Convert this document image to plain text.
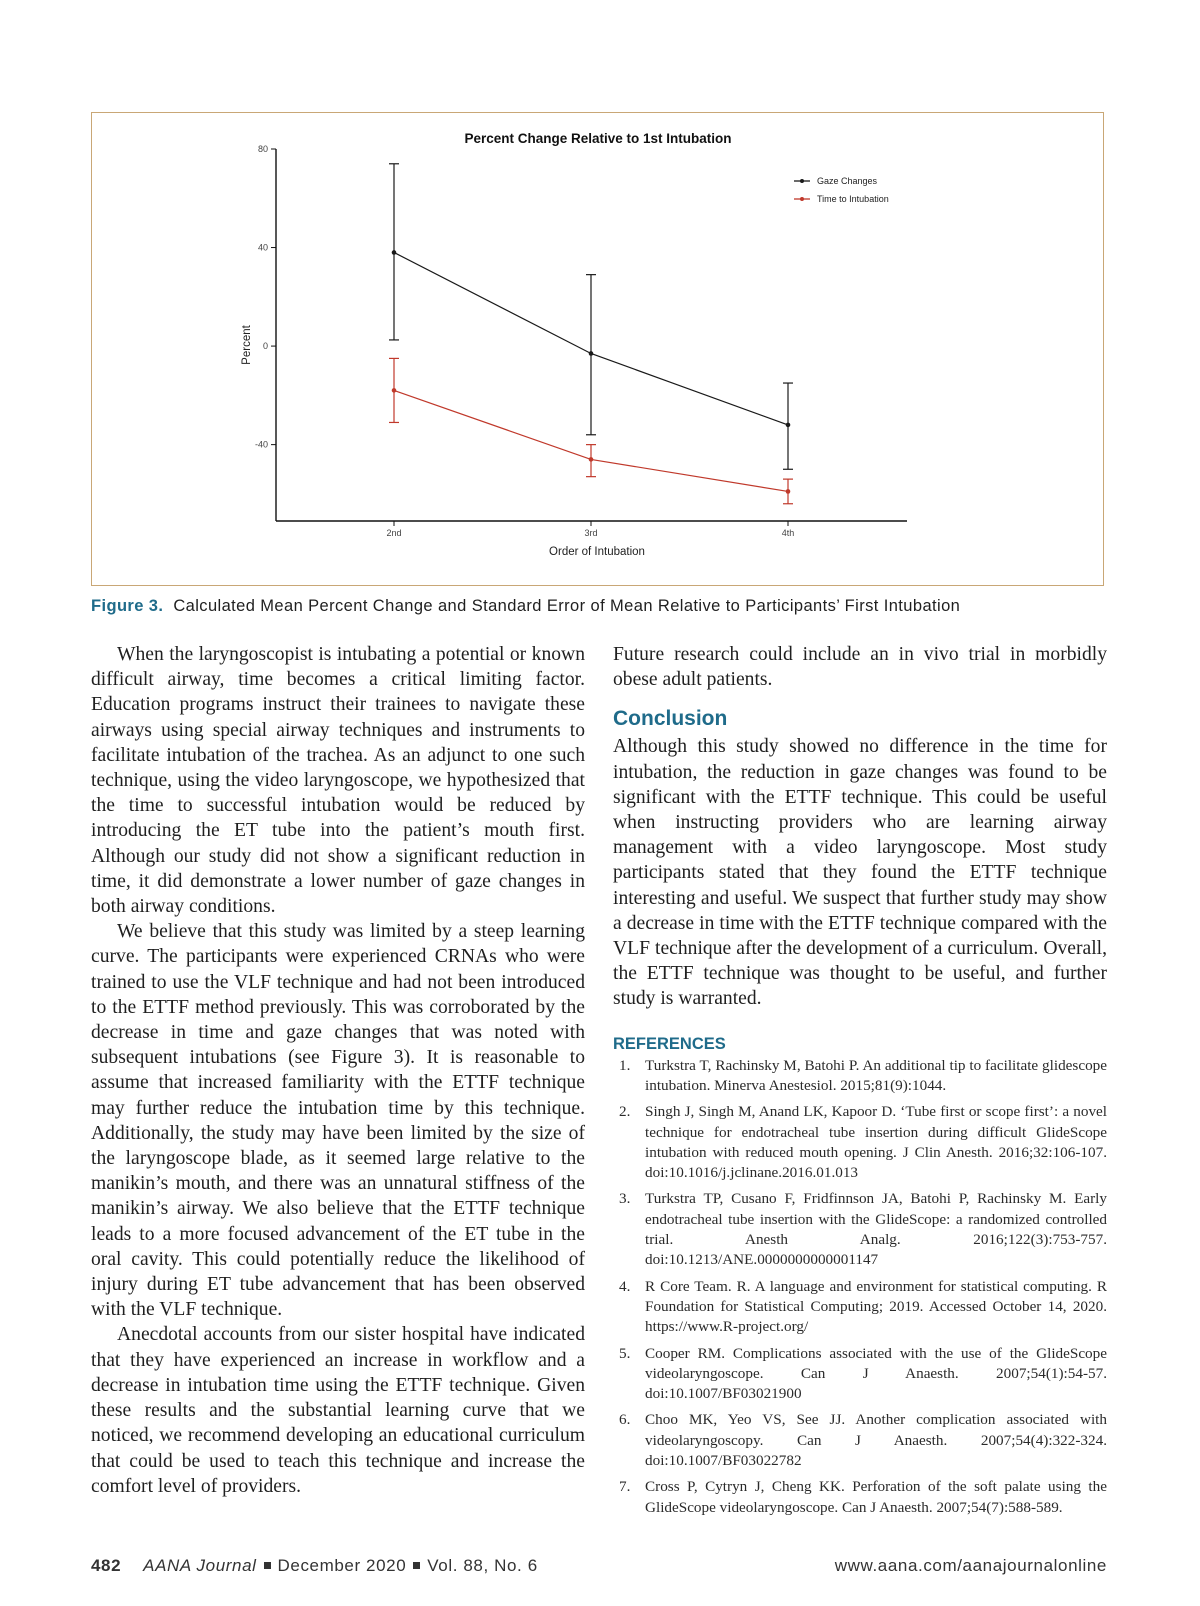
Percent Change Relative to 1st Intubation
Percent
Order of Intubation
80
40
0
-40
2nd	3rd	4th
Gaze Changes
Time to Intubation
Figure 3. Calculated Mean Percent Change and Standard Error of Mean Relative to Participants’ First Intubation

When the laryngoscopist is intubating a potential or known difficult airway, time becomes a critical limiting factor. Education programs instruct their trainees to navigate these airways using special airway techniques and instruments to facilitate intubation of the trachea. As an adjunct to one such technique, using the video laryngoscope, we hypothesized that the time to successful intubation would be reduced by introducing the ET tube into the patient’s mouth first. Although our study did not show a significant reduction in time, it did demonstrate a lower number of gaze changes in both airway conditions.

We believe that this study was limited by a steep learning curve. The participants were experienced CRNAs who were trained to use the VLF technique and had not been introduced to the ETTF method previously. This was corroborated by the decrease in time and gaze changes that was noted with subsequent intubations (see Figure 3). It is reasonable to assume that increased familiarity with the ETTF technique may further reduce the intubation time by this technique. Additionally, the study may have been limited by the size of the laryngoscope blade, as it seemed large relative to the manikin’s mouth, and there was an unnatural stiffness of the manikin’s airway. We also believe that the ETTF technique leads to a more focused advancement of the ET tube in the oral cavity. This could potentially reduce the likelihood of injury during ET tube advancement that has been observed with the VLF technique.

Anecdotal accounts from our sister hospital have indicated that they have experienced an increase in workflow and a decrease in intubation time using the ETTF technique. Given these results and the substantial learning curve that we noticed, we recommend developing an educational curriculum that could be used to teach this technique and increase the comfort level of providers.

Future research could include an in vivo trial in morbidly obese adult patients.

Conclusion

Although this study showed no difference in the time for intubation, the reduction in gaze changes was found to be significant with the ETTF technique. This could be useful when instructing providers who are learning airway management with a video laryngoscope. Most study participants stated that they found the ETTF technique interesting and useful. We suspect that further study may show a decrease in time with the ETTF technique compared with the VLF technique after the development of a curriculum. Overall, the ETTF technique was thought to be useful, and further study is warranted.

REFERENCES
1. Turkstra T, Rachinsky M, Batohi P. An additional tip to facilitate glidescope intubation. Minerva Anestesiol. 2015;81(9):1044.
2. Singh J, Singh M, Anand LK, Kapoor D. ‘Tube first or scope first’: a novel technique for endotracheal tube insertion during difficult GlideScope intubation with reduced mouth opening. J Clin Anesth. 2016;32:106-107. doi:10.1016/j.jclinane.2016.01.013
3. Turkstra TP, Cusano F, Fridfinnson JA, Batohi P, Rachinsky M. Early endotracheal tube insertion with the GlideScope: a randomized controlled trial. Anesth Analg. 2016;122(3):753-757. doi:10.1213/ANE.0000000000001147
4. R Core Team. R. A language and environment for statistical computing. R Foundation for Statistical Computing; 2019. Accessed October 14, 2020. https://www.R-project.org/
5. Cooper RM. Complications associated with the use of the GlideScope videolaryngoscope. Can J Anaesth. 2007;54(1):54-57. doi:10.1007/BF03021900
6. Choo MK, Yeo VS, See JJ. Another complication associated with videolaryngoscopy. Can J Anaesth. 2007;54(4):322-324. doi:10.1007/BF03022782
7. Cross P, Cytryn J, Cheng KK. Perforation of the soft palate using the GlideScope videolaryngoscope. Can J Anaesth. 2007;54(7):588-589.
482 AANA Journal December 2020 Vol. 88, No. 6	www.aana.com/aanajournalonline
